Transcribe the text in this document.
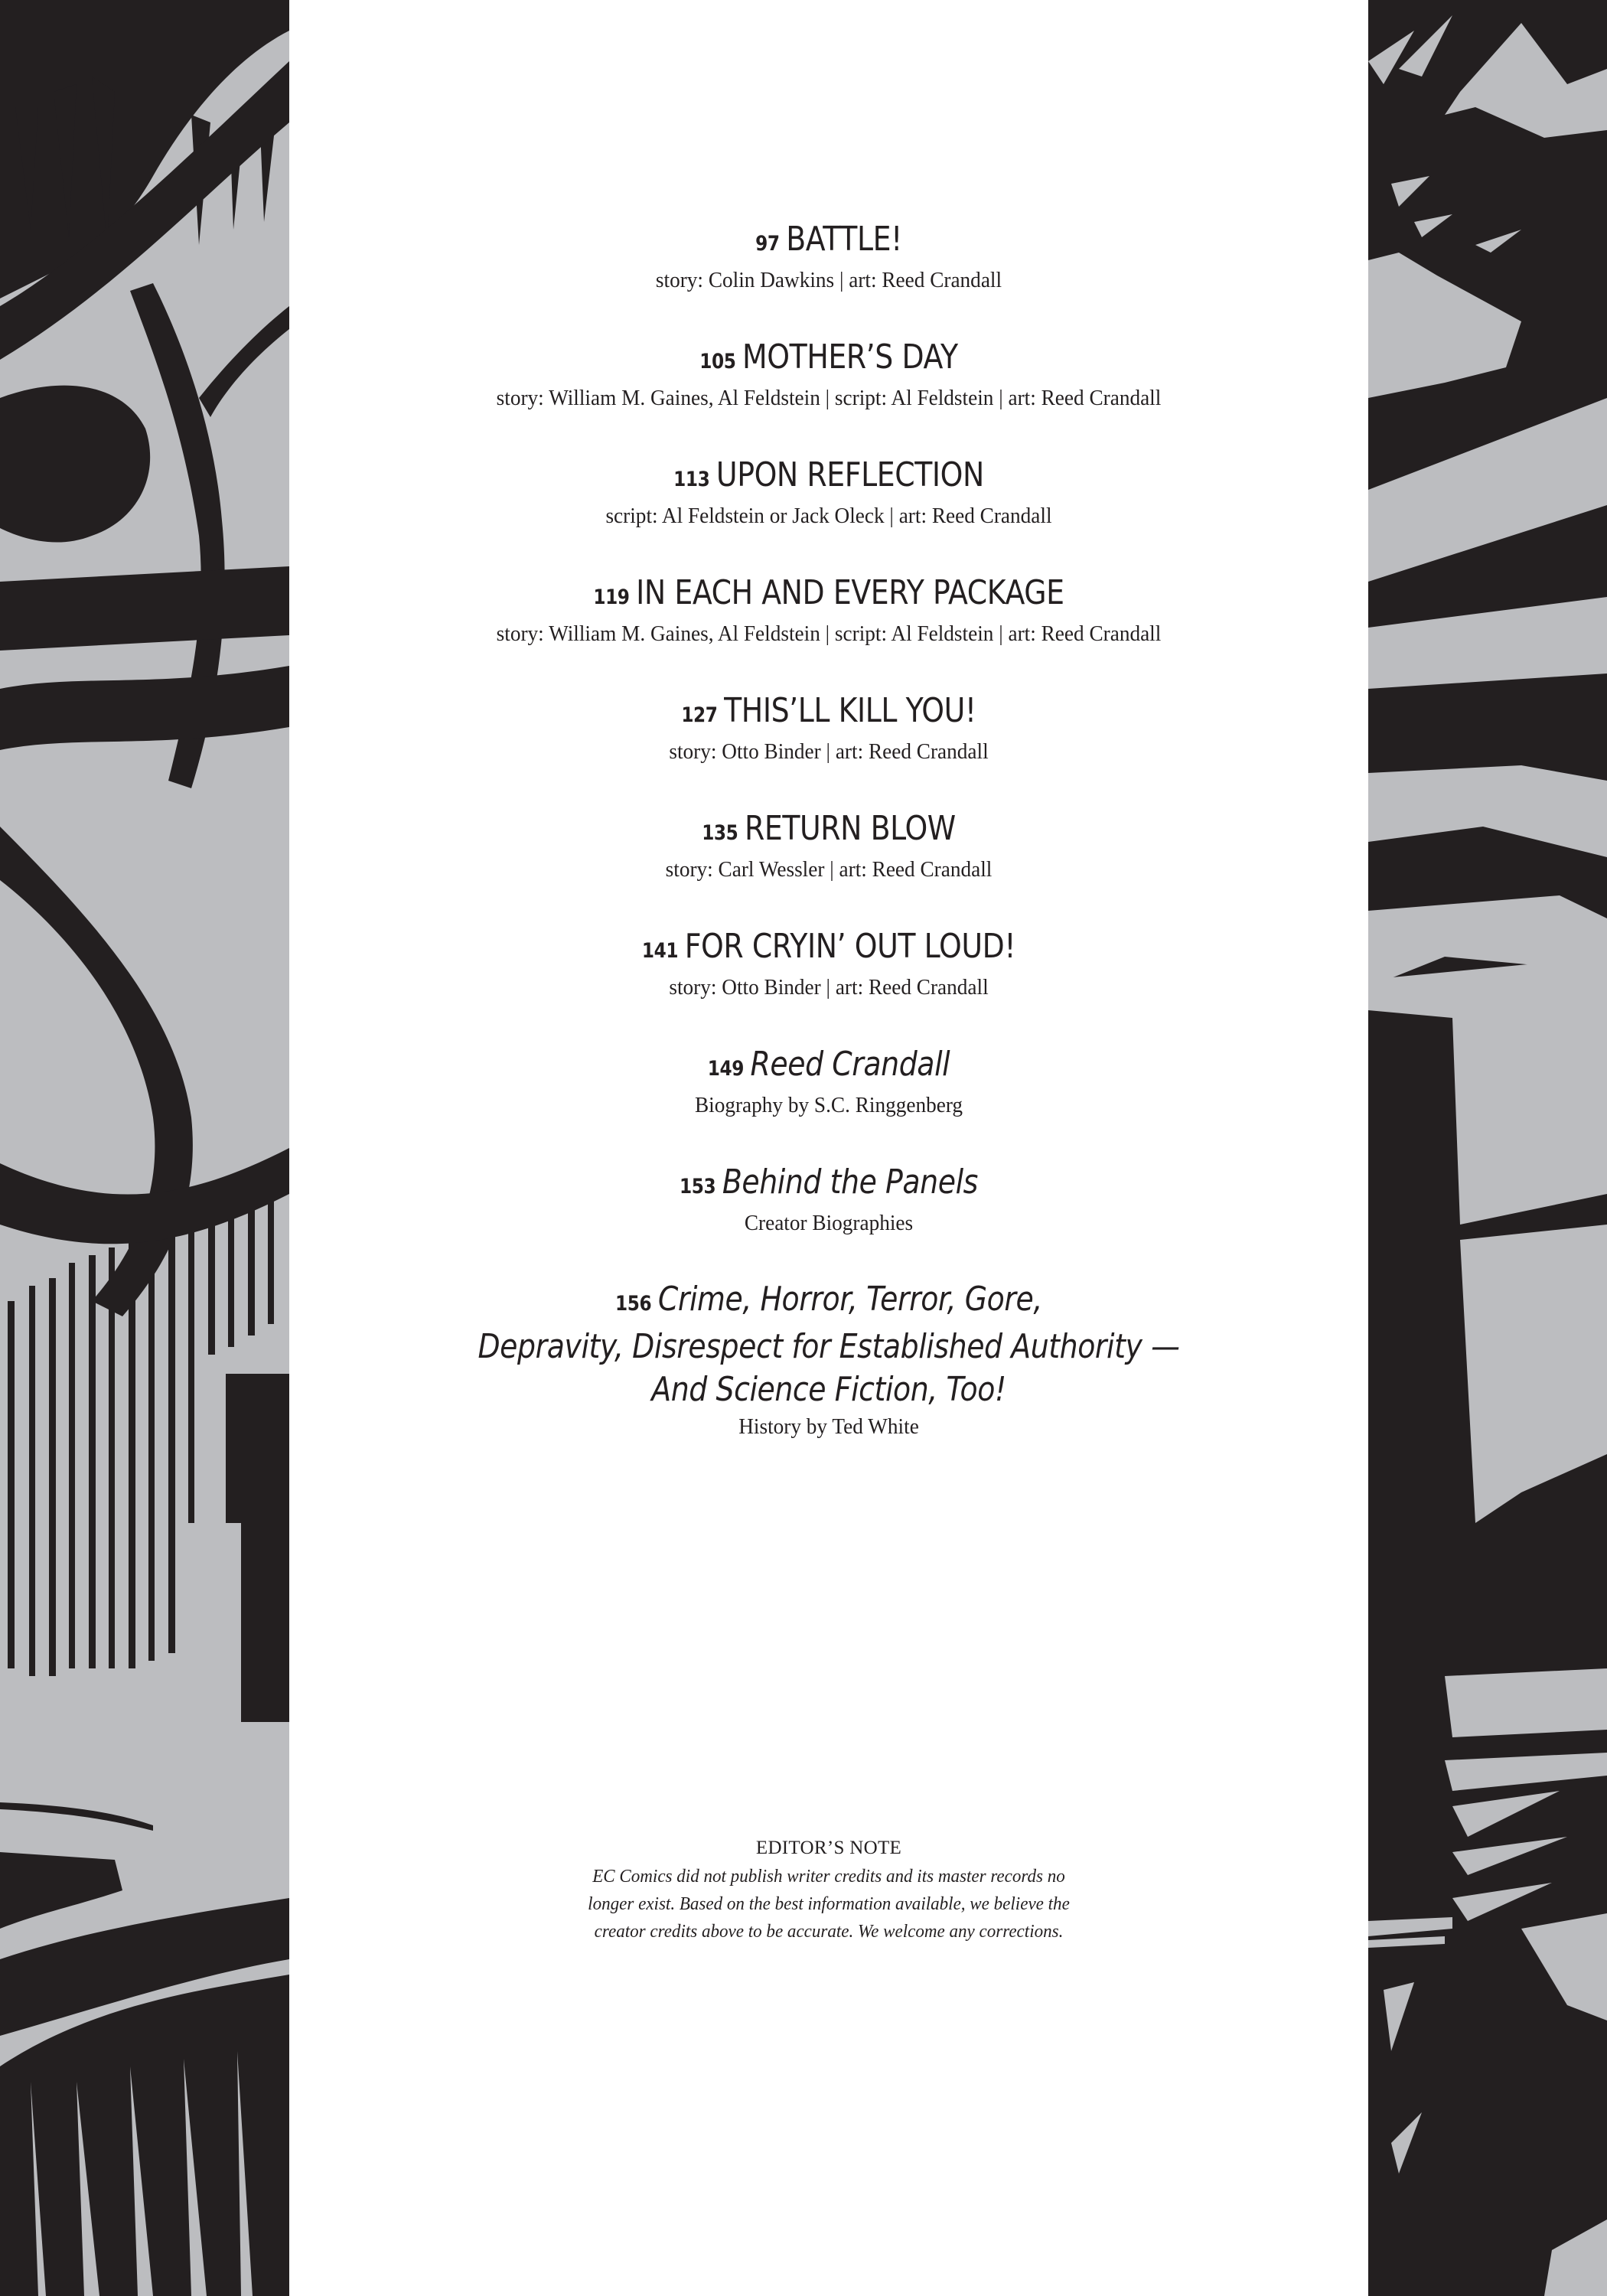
97 BATTLE!
story: Colin Dawkins | art: Reed Crandall
105 MOTHER’S DAY
story: William M. Gaines, Al Feldstein | script: Al Feldstein | art: Reed Crandall
113 UPON REFLECTION
script: Al Feldstein or Jack Oleck | art: Reed Crandall
119 IN EACH AND EVERY PACKAGE
story: William M. Gaines, Al Feldstein | script: Al Feldstein | art: Reed Crandall
127 THIS’LL KILL YOU!
story: Otto Binder | art: Reed Crandall
135 RETURN BLOW
story: Carl Wessler | art: Reed Crandall
141 FOR CRYIN’ OUT LOUD!
story: Otto Binder | art: Reed Crandall
149 Reed Crandall
Biography by S.C. Ringgenberg
153 Behind the Panels
Creator Biographies
156 Crime, Horror, Terror, Gore,
Depravity, Disrespect for Established Authority —
And Science Fiction, Too!
History by Ted White
EDITOR’S NOTE
EC Comics did not publish writer credits and its master records no
longer exist. Based on the best information available, we believe the
creator credits above to be accurate. We welcome any corrections.
